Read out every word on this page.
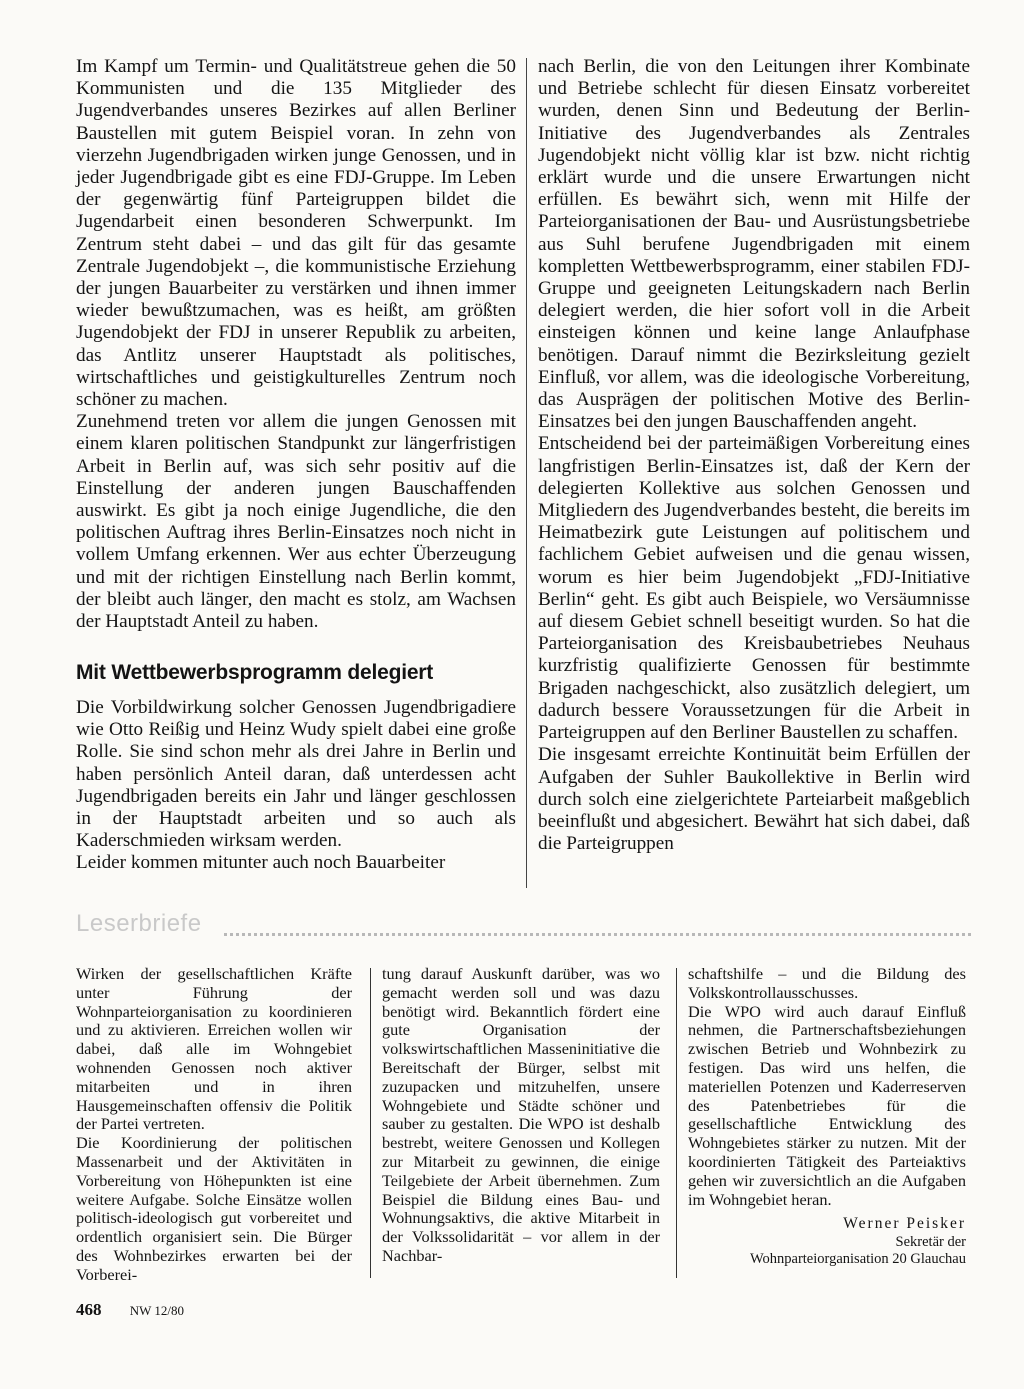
Im Kampf um Termin- und Qualitätstreue gehen die 50 Kommunisten und die 135 Mitglieder des Jugendverbandes unseres Bezirkes auf allen Berliner Baustellen mit gutem Beispiel voran. In zehn von vierzehn Jugendbrigaden wirken junge Genossen, und in jeder Jugendbrigade gibt es eine FDJ-Gruppe. Im Leben der gegenwärtig fünf Parteigruppen bildet die Jugendarbeit einen besonderen Schwerpunkt. Im Zentrum steht dabei – und das gilt für das gesamte Zentrale Jugendobjekt –, die kommunistische Erziehung der jungen Bauarbeiter zu verstärken und ihnen immer wieder bewußtzumachen, was es heißt, am größten Jugendobjekt der FDJ in unserer Republik zu arbeiten, das Antlitz unserer Hauptstadt als politisches, wirtschaftliches und geistigkulturelles Zentrum noch schöner zu machen.

Zunehmend treten vor allem die jungen Genossen mit einem klaren politischen Standpunkt zur längerfristigen Arbeit in Berlin auf, was sich sehr positiv auf die Einstellung der anderen jungen Bauschaffenden auswirkt. Es gibt ja noch einige Jugendliche, die den politischen Auftrag ihres Berlin-Einsatzes noch nicht in vollem Umfang erkennen. Wer aus echter Überzeugung und mit der richtigen Einstellung nach Berlin kommt, der bleibt auch länger, den macht es stolz, am Wachsen der Hauptstadt Anteil zu haben.

Mit Wettbewerbsprogramm delegiert

Die Vorbildwirkung solcher Genossen Jugendbrigadiere wie Otto Reißig und Heinz Wudy spielt dabei eine große Rolle. Sie sind schon mehr als drei Jahre in Berlin und haben persönlich Anteil daran, daß unterdessen acht Jugendbrigaden bereits ein Jahr und länger geschlossen in der Hauptstadt arbeiten und so auch als Kaderschmieden wirksam werden.

Leider kommen mitunter auch noch Bauarbeiter

nach Berlin, die von den Leitungen ihrer Kombinate und Betriebe schlecht für diesen Einsatz vorbereitet wurden, denen Sinn und Bedeutung der Berlin-Initiative des Jugendverbandes als Zentrales Jugendobjekt nicht völlig klar ist bzw. nicht richtig erklärt wurde und die unsere Erwartungen nicht erfüllen. Es bewährt sich, wenn mit Hilfe der Parteiorganisationen der Bau- und Ausrüstungsbetriebe aus Suhl berufene Jugendbrigaden mit einem kompletten Wettbewerbsprogramm, einer stabilen FDJ-Gruppe und geeigneten Leitungskadern nach Berlin delegiert werden, die hier sofort voll in die Arbeit einsteigen können und keine lange Anlaufphase benötigen. Darauf nimmt die Bezirksleitung gezielt Einfluß, vor allem, was die ideologische Vorbereitung, das Ausprägen der politischen Motive des Berlin-Einsatzes bei den jungen Bauschaffenden angeht.

Entscheidend bei der parteimäßigen Vorbereitung eines langfristigen Berlin-Einsatzes ist, daß der Kern der delegierten Kollektive aus solchen Genossen und Mitgliedern des Jugendverbandes besteht, die bereits im Heimatbezirk gute Leistungen auf politischem und fachlichem Gebiet aufweisen und die genau wissen, worum es hier beim Jugendobjekt „FDJ-Initiative Berlin“ geht. Es gibt auch Beispiele, wo Versäumnisse auf diesem Gebiet schnell beseitigt wurden. So hat die Parteiorganisation des Kreisbaubetriebes Neuhaus kurzfristig qualifizierte Genossen für bestimmte Brigaden nachgeschickt, also zusätzlich delegiert, um dadurch bessere Voraussetzungen für die Arbeit in Parteigruppen auf den Berliner Baustellen zu schaffen.

Die insgesamt erreichte Kontinuität beim Erfüllen der Aufgaben der Suhler Baukollektive in Berlin wird durch solch eine zielgerichtete Parteiarbeit maßgeblich beeinflußt und abgesichert. Bewährt hat sich dabei, daß die Parteigruppen

Leserbriefe

Wirken der gesellschaftlichen Kräfte unter Führung der Wohnparteiorganisation zu koordinieren und zu aktivieren. Erreichen wollen wir dabei, daß alle im Wohngebiet wohnenden Genossen noch aktiver mitarbeiten und in ihren Hausgemeinschaften offensiv die Politik der Partei vertreten.

Die Koordinierung der politischen Massenarbeit und der Aktivitäten in Vorbereitung von Höhepunkten ist eine weitere Aufgabe. Solche Einsätze wollen politisch-ideologisch gut vorbereitet und ordentlich organisiert sein. Die Bürger des Wohnbezirkes erwarten bei der Vorberei-

tung darauf Auskunft darüber, was wo gemacht werden soll und was dazu benötigt wird. Bekanntlich fördert eine gute Organisation der volkswirtschaftlichen Masseninitiative die Bereitschaft der Bürger, selbst mit zuzupacken und mitzuhelfen, unsere Wohngebiete und Städte schöner und sauber zu gestalten. Die WPO ist deshalb bestrebt, weitere Genossen und Kollegen zur Mitarbeit zu gewinnen, die einige Teilgebiete der Arbeit übernehmen. Zum Beispiel die Bildung eines Bau- und Wohnungsaktivs, die aktive Mitarbeit in der Volkssolidarität – vor allem in der Nachbar-

schaftshilfe – und die Bildung des Volkskontrollausschusses.

Die WPO wird auch darauf Einfluß nehmen, die Partnerschaftsbeziehungen zwischen Betrieb und Wohnbezirk zu festigen. Das wird uns helfen, die materiellen Potenzen und Kaderreserven des Patenbetriebes für die gesellschaftliche Entwicklung des Wohngebietes stärker zu nutzen. Mit der koordinierten Tätigkeit des Parteiaktivs gehen wir zuversichtlich an die Aufgaben im Wohngebiet heran.

Werner Peisker
Sekretär der
Wohnparteiorganisation 20 Glauchau
468 NW 12/80
